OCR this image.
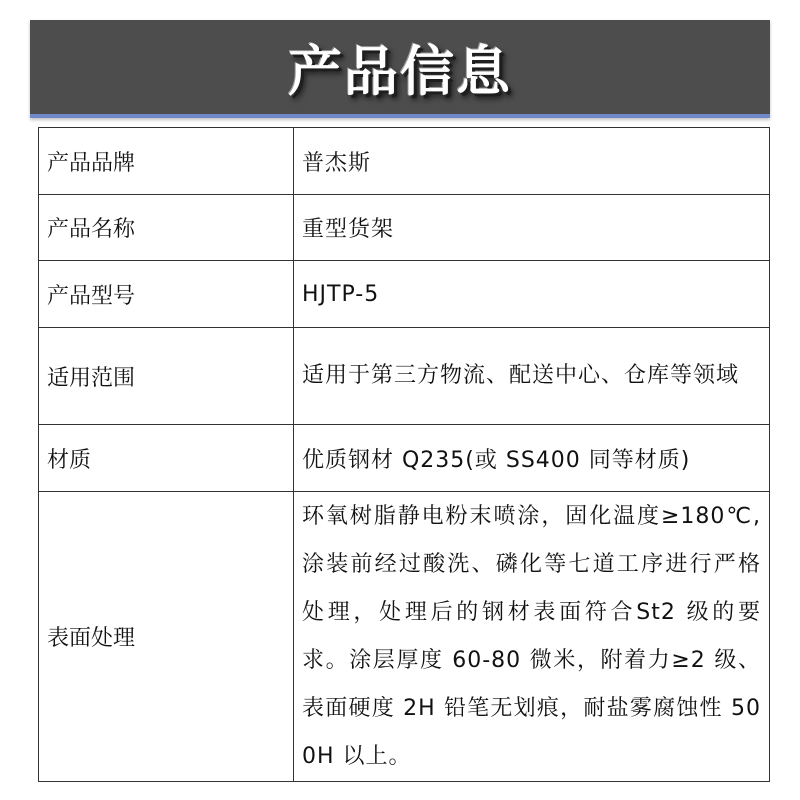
产品信息
产品品牌	普杰斯

产品名称	重型货架

产品型号	HJTP-5

适用范围	适用于第三方物流、配送中心、仓库等领域

材质	优质钢材 Q235(或 SS400 同等材质)

表面处理	环氧树脂静电粉末喷涂，固化温度≥180℃,涂装前经过酸洗、磷化等七道工序进行严格处理，处理后的钢材表面符合St2 级的要求。涂层厚度 60-80 微米，附着力≥2 级、表面硬度 2H 铅笔无划痕，耐盐雾腐蚀性 500H 以上。
